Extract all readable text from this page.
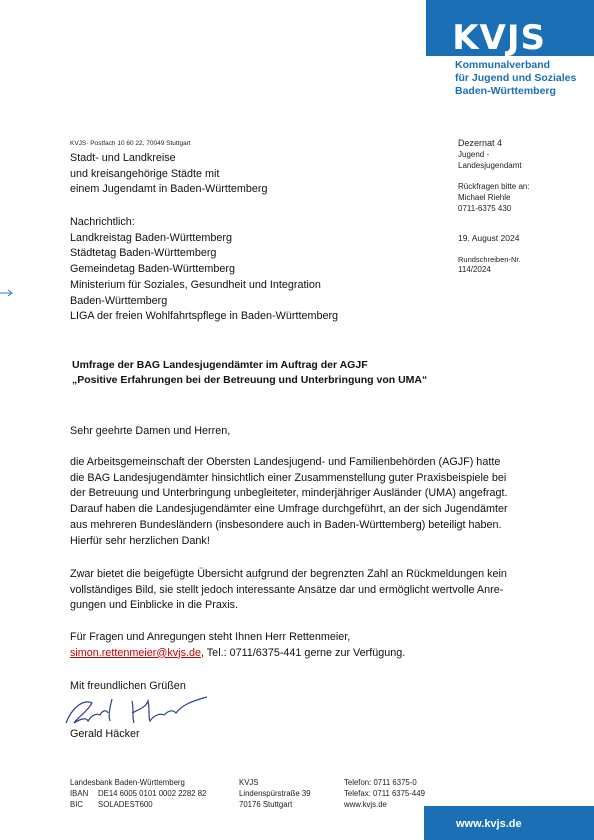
KVJS
Kommunalverband
für Jugend und Soziales
Baden-Württemberg
KVJS· Postfach 10 60 22, 70049 Stuttgart
Stadt- und Landkreise
und kreisangehörige Städte mit
einem Jugendamt in Baden-Württemberg
Nachrichtlich:
Landkreistag Baden-Württemberg
Städtetag Baden-Württemberg
Gemeindetag Baden-Württemberg
Ministerium für Soziales, Gesundheit und Integration
Baden-Württemberg
LIGA der freien Wohlfahrtspflege in Baden-Württemberg
Dezernat 4
Jugend -
Landesjugendamt
Rückfragen bitte an:
Michael Riehle
0711-6375 430
19. August 2024
Rundschreiben-Nr.
114/2024
Umfrage der BAG Landesjugendämter im Auftrag der AGJF
„Positive Erfahrungen bei der Betreuung und Unterbringung von UMA“
Sehr geehrte Damen und Herren,
die Arbeitsgemeinschaft der Obersten Landesjugend- und Familienbehörden (AGJF) hatte
die BAG Landesjugendämter hinsichtlich einer Zusammenstellung guter Praxisbeispiele bei
der Betreuung und Unterbringung unbegleiteter, minderjähriger Ausländer (UMA) angefragt.
Darauf haben die Landesjugendämter eine Umfrage durchgeführt, an der sich Jugendämter
aus mehreren Bundesländern (insbesondere auch in Baden-Württemberg) beteiligt haben.
Hierfür sehr herzlichen Dank!
Zwar bietet die beigefügte Übersicht aufgrund der begrenzten Zahl an Rückmeldungen kein
vollständiges Bild, sie stellt jedoch interessante Ansätze dar und ermöglicht wertvolle Anre-
gungen und Einblicke in die Praxis.
Für Fragen und Anregungen steht Ihnen Herr Rettenmeier,
simon.rettenmeier@kvjs.de, Tel.: 0711/6375-441 gerne zur Verfügung.
Mit freundlichen Grüßen
Gerald Häcker
Landesbank Baden-Württemberg
IBAN DE14 6005 0101 0002 2282 82
BIC SOLADEST600
KVJS
Lindenspürstraße 39
70176 Stuttgart
Telefon: 0711 6375-0
Telefax: 0711 6375-449
www.kvjs.de
www.kvjs.de
